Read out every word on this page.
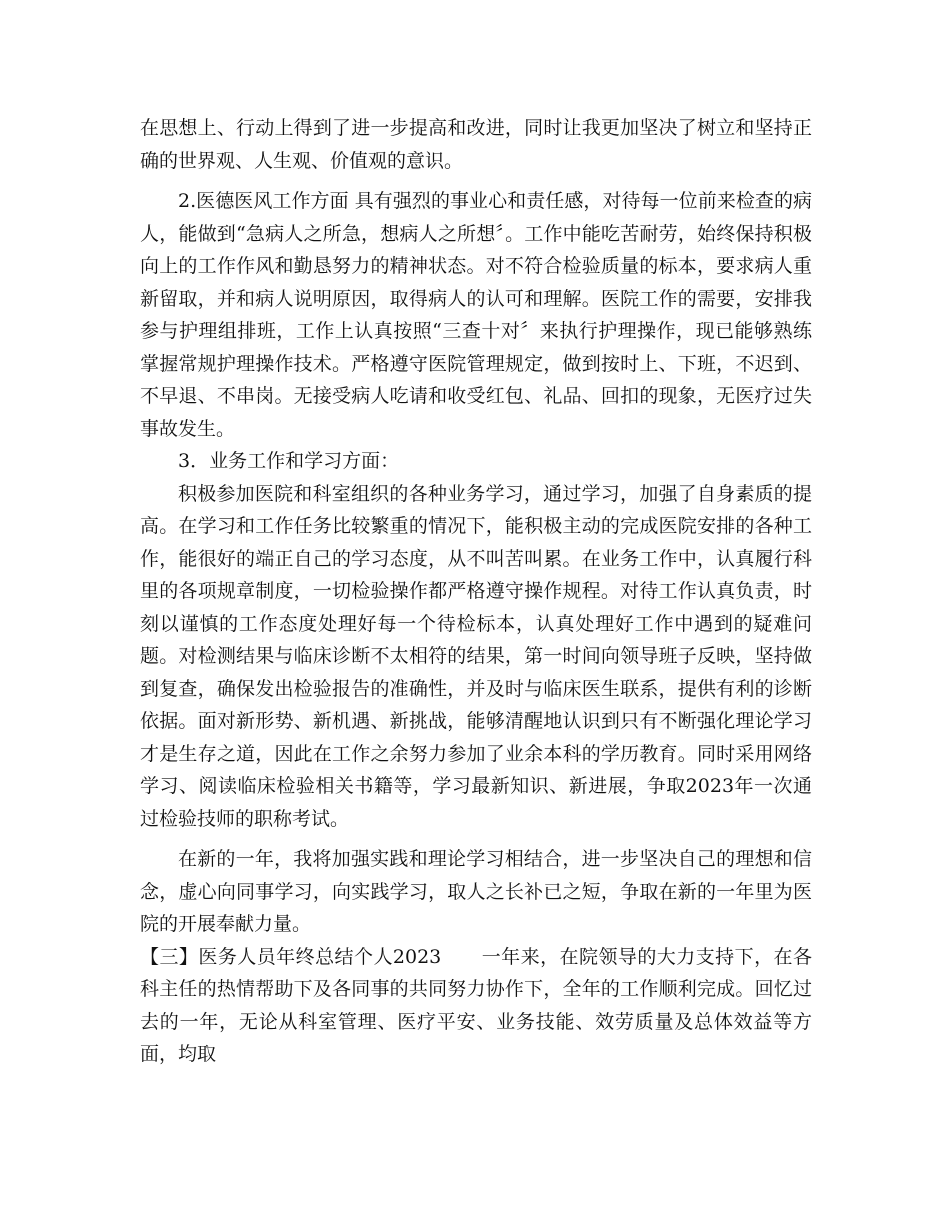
在思想上、行动上得到了进一步提高和改进，同时让我更加坚决了树立和坚持正确的世界观、人生观、价值观的意识。

2.医德医风工作方面 具有强烈的事业心和责任感，对待每一位前来检查的病人，能做到“急病人之所急，想病人之所想〞。工作中能吃苦耐劳，始终保持积极向上的工作作风和勤恳努力的精神状态。对不符合检验质量的标本，要求病人重新留取，并和病人说明原因，取得病人的认可和理解。医院工作的需要，安排我参与护理组排班，工作上认真按照“三查十对〞来执行护理操作，现已能够熟练掌握常规护理操作技术。严格遵守医院管理规定，做到按时上、下班，不迟到、不早退、不串岗。无接受病人吃请和收受红包、礼品、回扣的现象，无医疗过失事故发生。

3．业务工作和学习方面：

积极参加医院和科室组织的各种业务学习，通过学习，加强了自身素质的提高。在学习和工作任务比较繁重的情况下，能积极主动的完成医院安排的各种工作，能很好的端正自己的学习态度，从不叫苦叫累。在业务工作中，认真履行科里的各项规章制度，一切检验操作都严格遵守操作规程。对待工作认真负责，时刻以谨慎的工作态度处理好每一个待检标本，认真处理好工作中遇到的疑难问题。对检测结果与临床诊断不太相符的结果，第一时间向领导班子反映，坚持做到复查，确保发出检验报告的准确性，并及时与临床医生联系，提供有利的诊断依据。面对新形势、新机遇、新挑战，能够清醒地认识到只有不断强化理论学习才是生存之道，因此在工作之余努力参加了业余本科的学历教育。同时采用网络学习、阅读临床检验相关书籍等，学习最新知识、新进展，争取2023年一次通过检验技师的职称考试。

在新的一年，我将加强实践和理论学习相结合，进一步坚决自己的理想和信念，虚心向同事学习，向实践学习，取人之长补已之短，争取在新的一年里为医院的开展奉献力量。

【三】医务人员年终总结个人2023 一年来，在院领导的大力支持下，在各科主任的热情帮助下及各同事的共同努力协作下，全年的工作顺利完成。回忆过去的一年，无论从科室管理、医疗平安、业务技能、效劳质量及总体效益等方面，均取
